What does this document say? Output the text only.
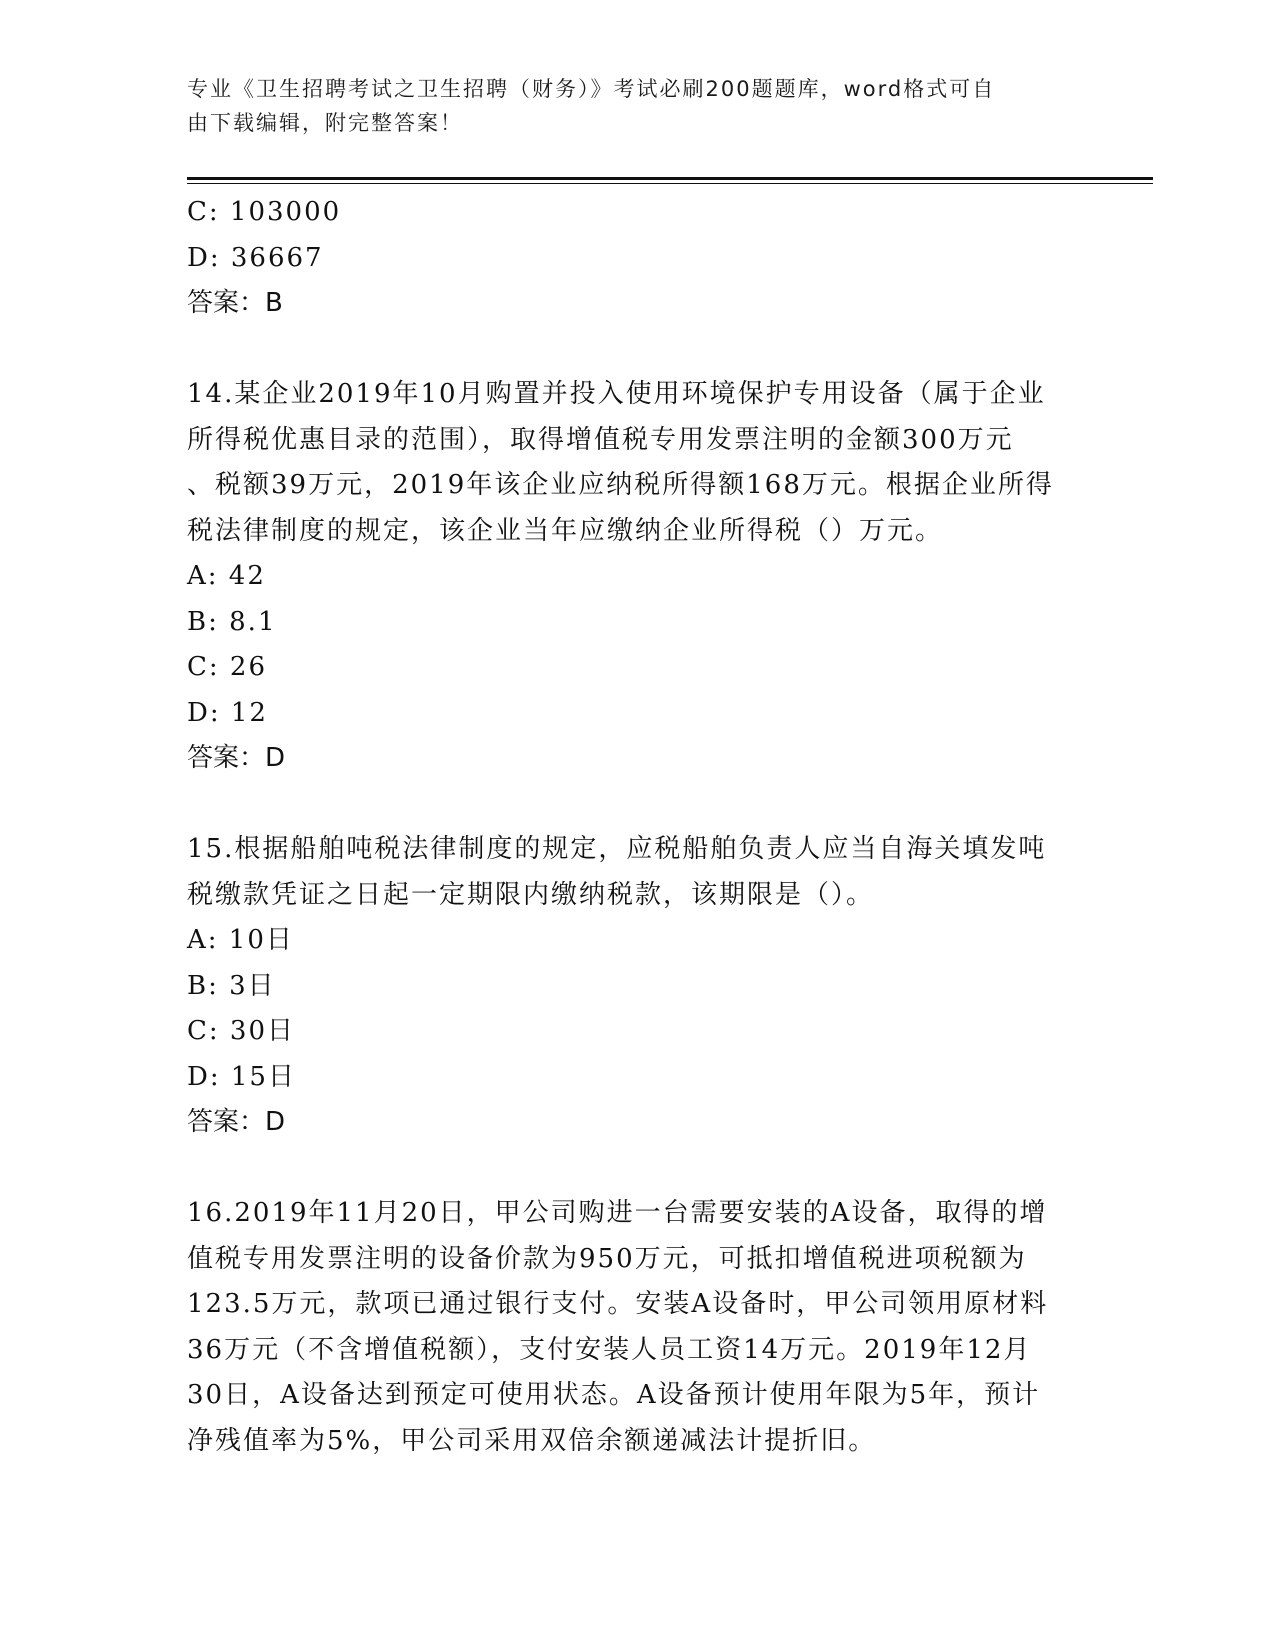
专业《卫生招聘考试之卫生招聘（财务）》考试必刷200题题库，word格式可自
由下载编辑，附完整答案！
C: 103000
D: 36667
答案：B

14.某企业2019年10月购置并投入使用环境保护专用设备（属于企业

所得税优惠目录的范围），取得增值税专用发票注明的金额300万元

、税额39万元，2019年该企业应纳税所得额168万元。根据企业所得

税法律制度的规定，该企业当年应缴纳企业所得税（）万元。

A: 42
B: 8.1
C: 26
D: 12
答案：D

15.根据船舶吨税法律制度的规定，应税船舶负责人应当自海关填发吨

税缴款凭证之日起一定期限内缴纳税款，该期限是（）。

A: 10日
B: 3日
C: 30日
D: 15日
答案：D

16.2019年11月20日，甲公司购进一台需要安装的A设备，取得的增

值税专用发票注明的设备价款为950万元，可抵扣增值税进项税额为

123.5万元，款项已通过银行支付。安装A设备时，甲公司领用原材料

36万元（不含增值税额），支付安装人员工资14万元。2019年12月

30日，A设备达到预定可使用状态。A设备预计使用年限为5年，预计

净残值率为5%，甲公司采用双倍余额递减法计提折旧。
